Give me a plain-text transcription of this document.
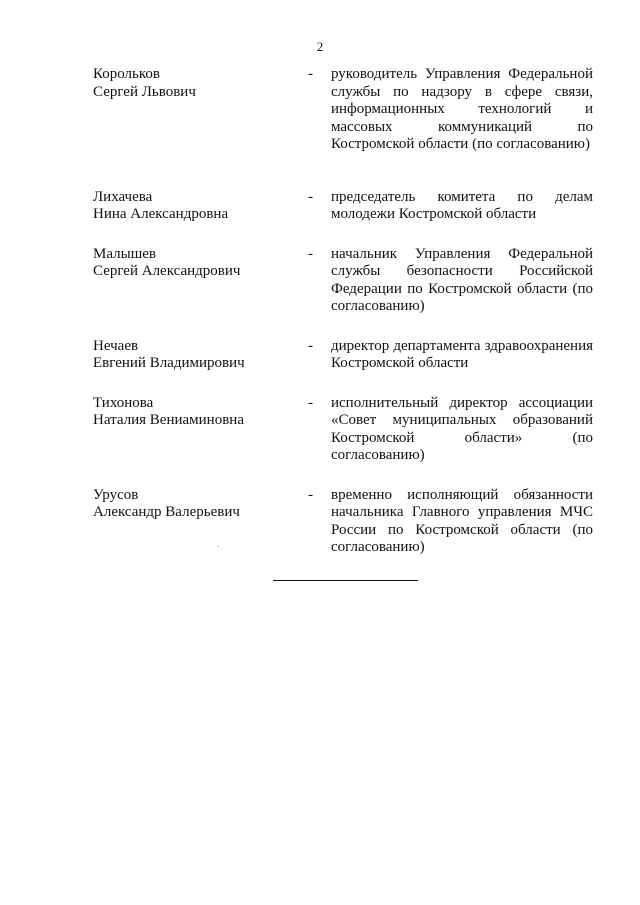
2
Корольков
Сергей Львович
-	руководитель Управления Федеральной службы по надзору в сфере связи, информационных технологий и массовых коммуникаций по Костромской области (по согласованию)
Лихачева
Нина Александровна
-	председатель комитета по делам молодежи Костромской области
Малышев
Сергей Александрович
-	начальник Управления Федеральной службы безопасности Российской Федерации по Костромской области (по согласованию)
Нечаев
Евгений Владимирович
-	директор департамента здравоохранения Костромской области
Тихонова
Наталия Вениаминовна
-	исполнительный директор ассоциации «Совет муниципальных образований Костромской области» (по согласованию)
Урусов
Александр Валерьевич
-	временно исполняющий обязанности начальника Главного управления МЧС России по Костромской области (по согласованию)
